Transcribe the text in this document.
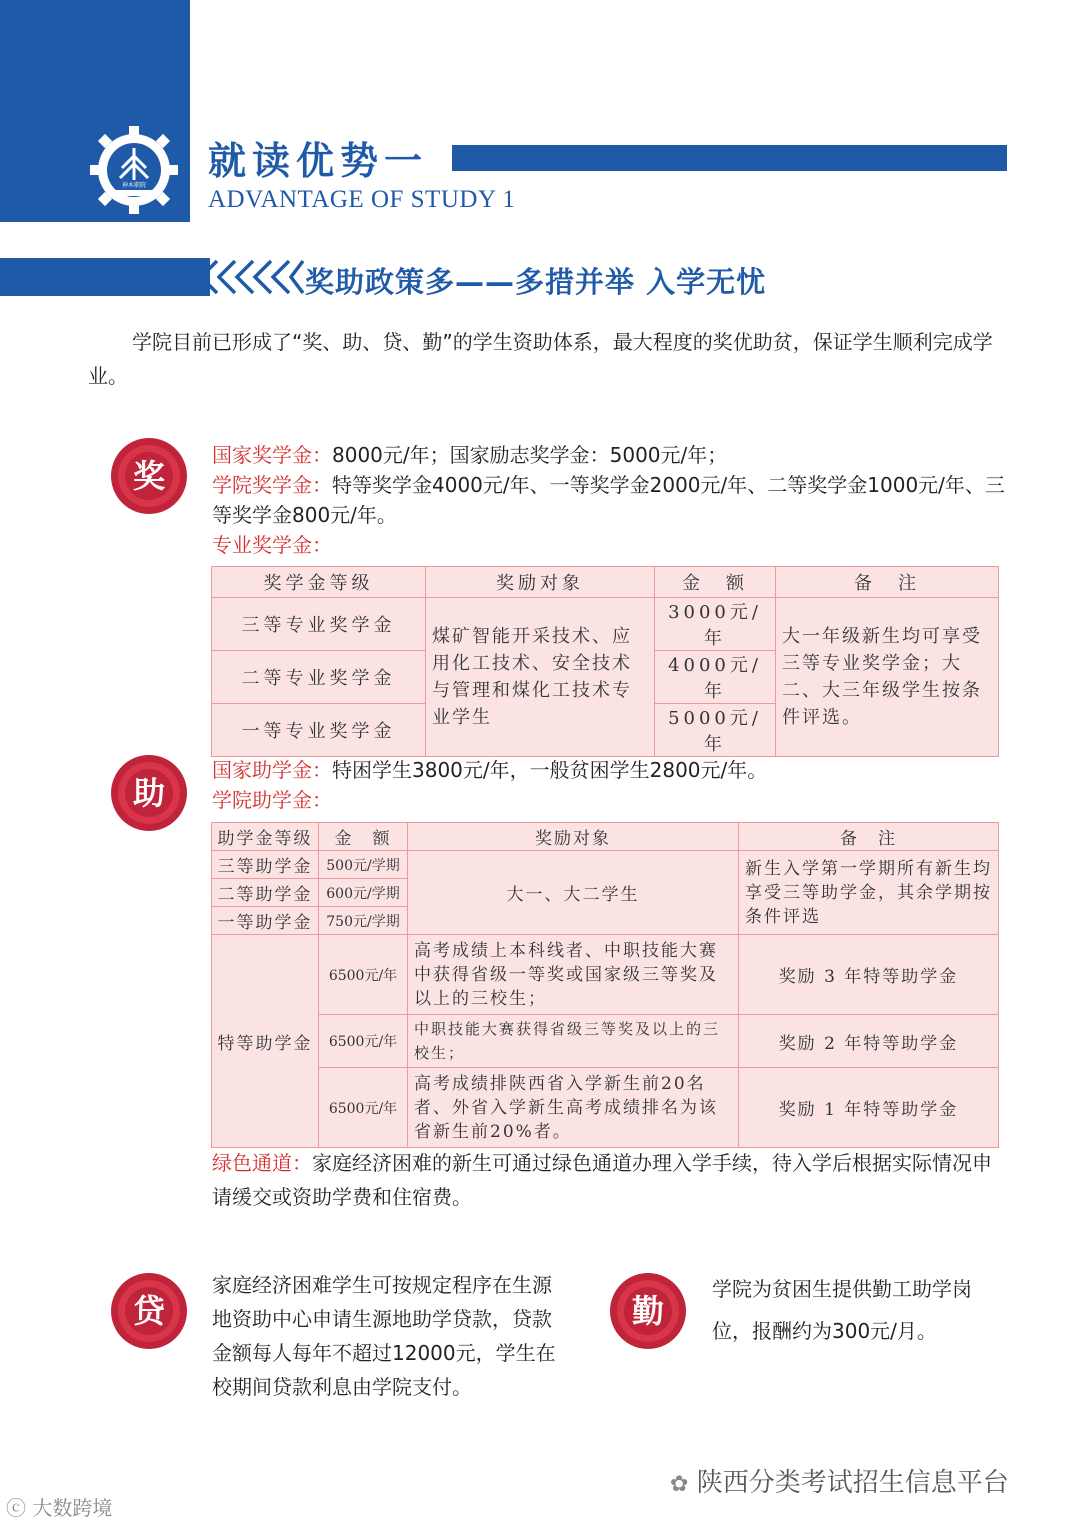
神木职院
就读优势一
ADVANTAGE OF STUDY 1
奖助政策多——多措并举 入学无忧
学院目前已形成了“奖、助、贷、勤”的学生资助体系，最大程度的奖优助贫，保证学生顺利完成学业。
奖
国家奖学金：8000元/年；国家励志奖学金：5000元/年；
学院奖学金：特等奖学金4000元/年、一等奖学金2000元/年、二等奖学金1000元/年、三等奖学金800元/年。
专业奖学金：
奖学金等级	奖励对象	金　额	备　注
三等专业奖学金	煤矿智能开采技术、应用化工技术、安全技术与管理和煤化工技术专业学生	3000元/年	大一年级新生均可享受三等专业奖学金；大二、大三年级学生按条件评选。
二等专业奖学金		4000元/年	
一等专业奖学金		5000元/年	
助
国家助学金：特困学生3800元/年，一般贫困学生2800元/年。
学院助学金：
助学金等级	金　额	奖励对象	备　注
三等助学金	500元/学期	大一、大二学生	新生入学第一学期所有新生均享受三等助学金，其余学期按条件评选
二等助学金	600元/学期		
一等助学金	750元/学期		
特等助学金	6500元/年	高考成绩上本科线者、中职技能大赛中获得省级一等奖或国家级三等奖及以上的三校生；	奖励 3 年特等助学金
	6500元/年	中职技能大赛获得省级三等奖及以上的三校生；	奖励 2 年特等助学金
	6500元/年	高考成绩排陕西省入学新生前20名者、外省入学新生高考成绩排名为该省新生前20%者。	奖励 1 年特等助学金
绿色通道：家庭经济困难的新生可通过绿色通道办理入学手续，待入学后根据实际情况申请缓交或资助学费和住宿费。
贷
家庭经济困难学生可按规定程序在生源地资助中心申请生源地助学贷款，贷款金额每人每年不超过12000元，学生在校期间贷款利息由学院支付。
勤
学院为贫困生提供勤工助学岗位，报酬约为300元/月。
✿ 陕西分类考试招生信息平台
ⓒ 大数跨境
